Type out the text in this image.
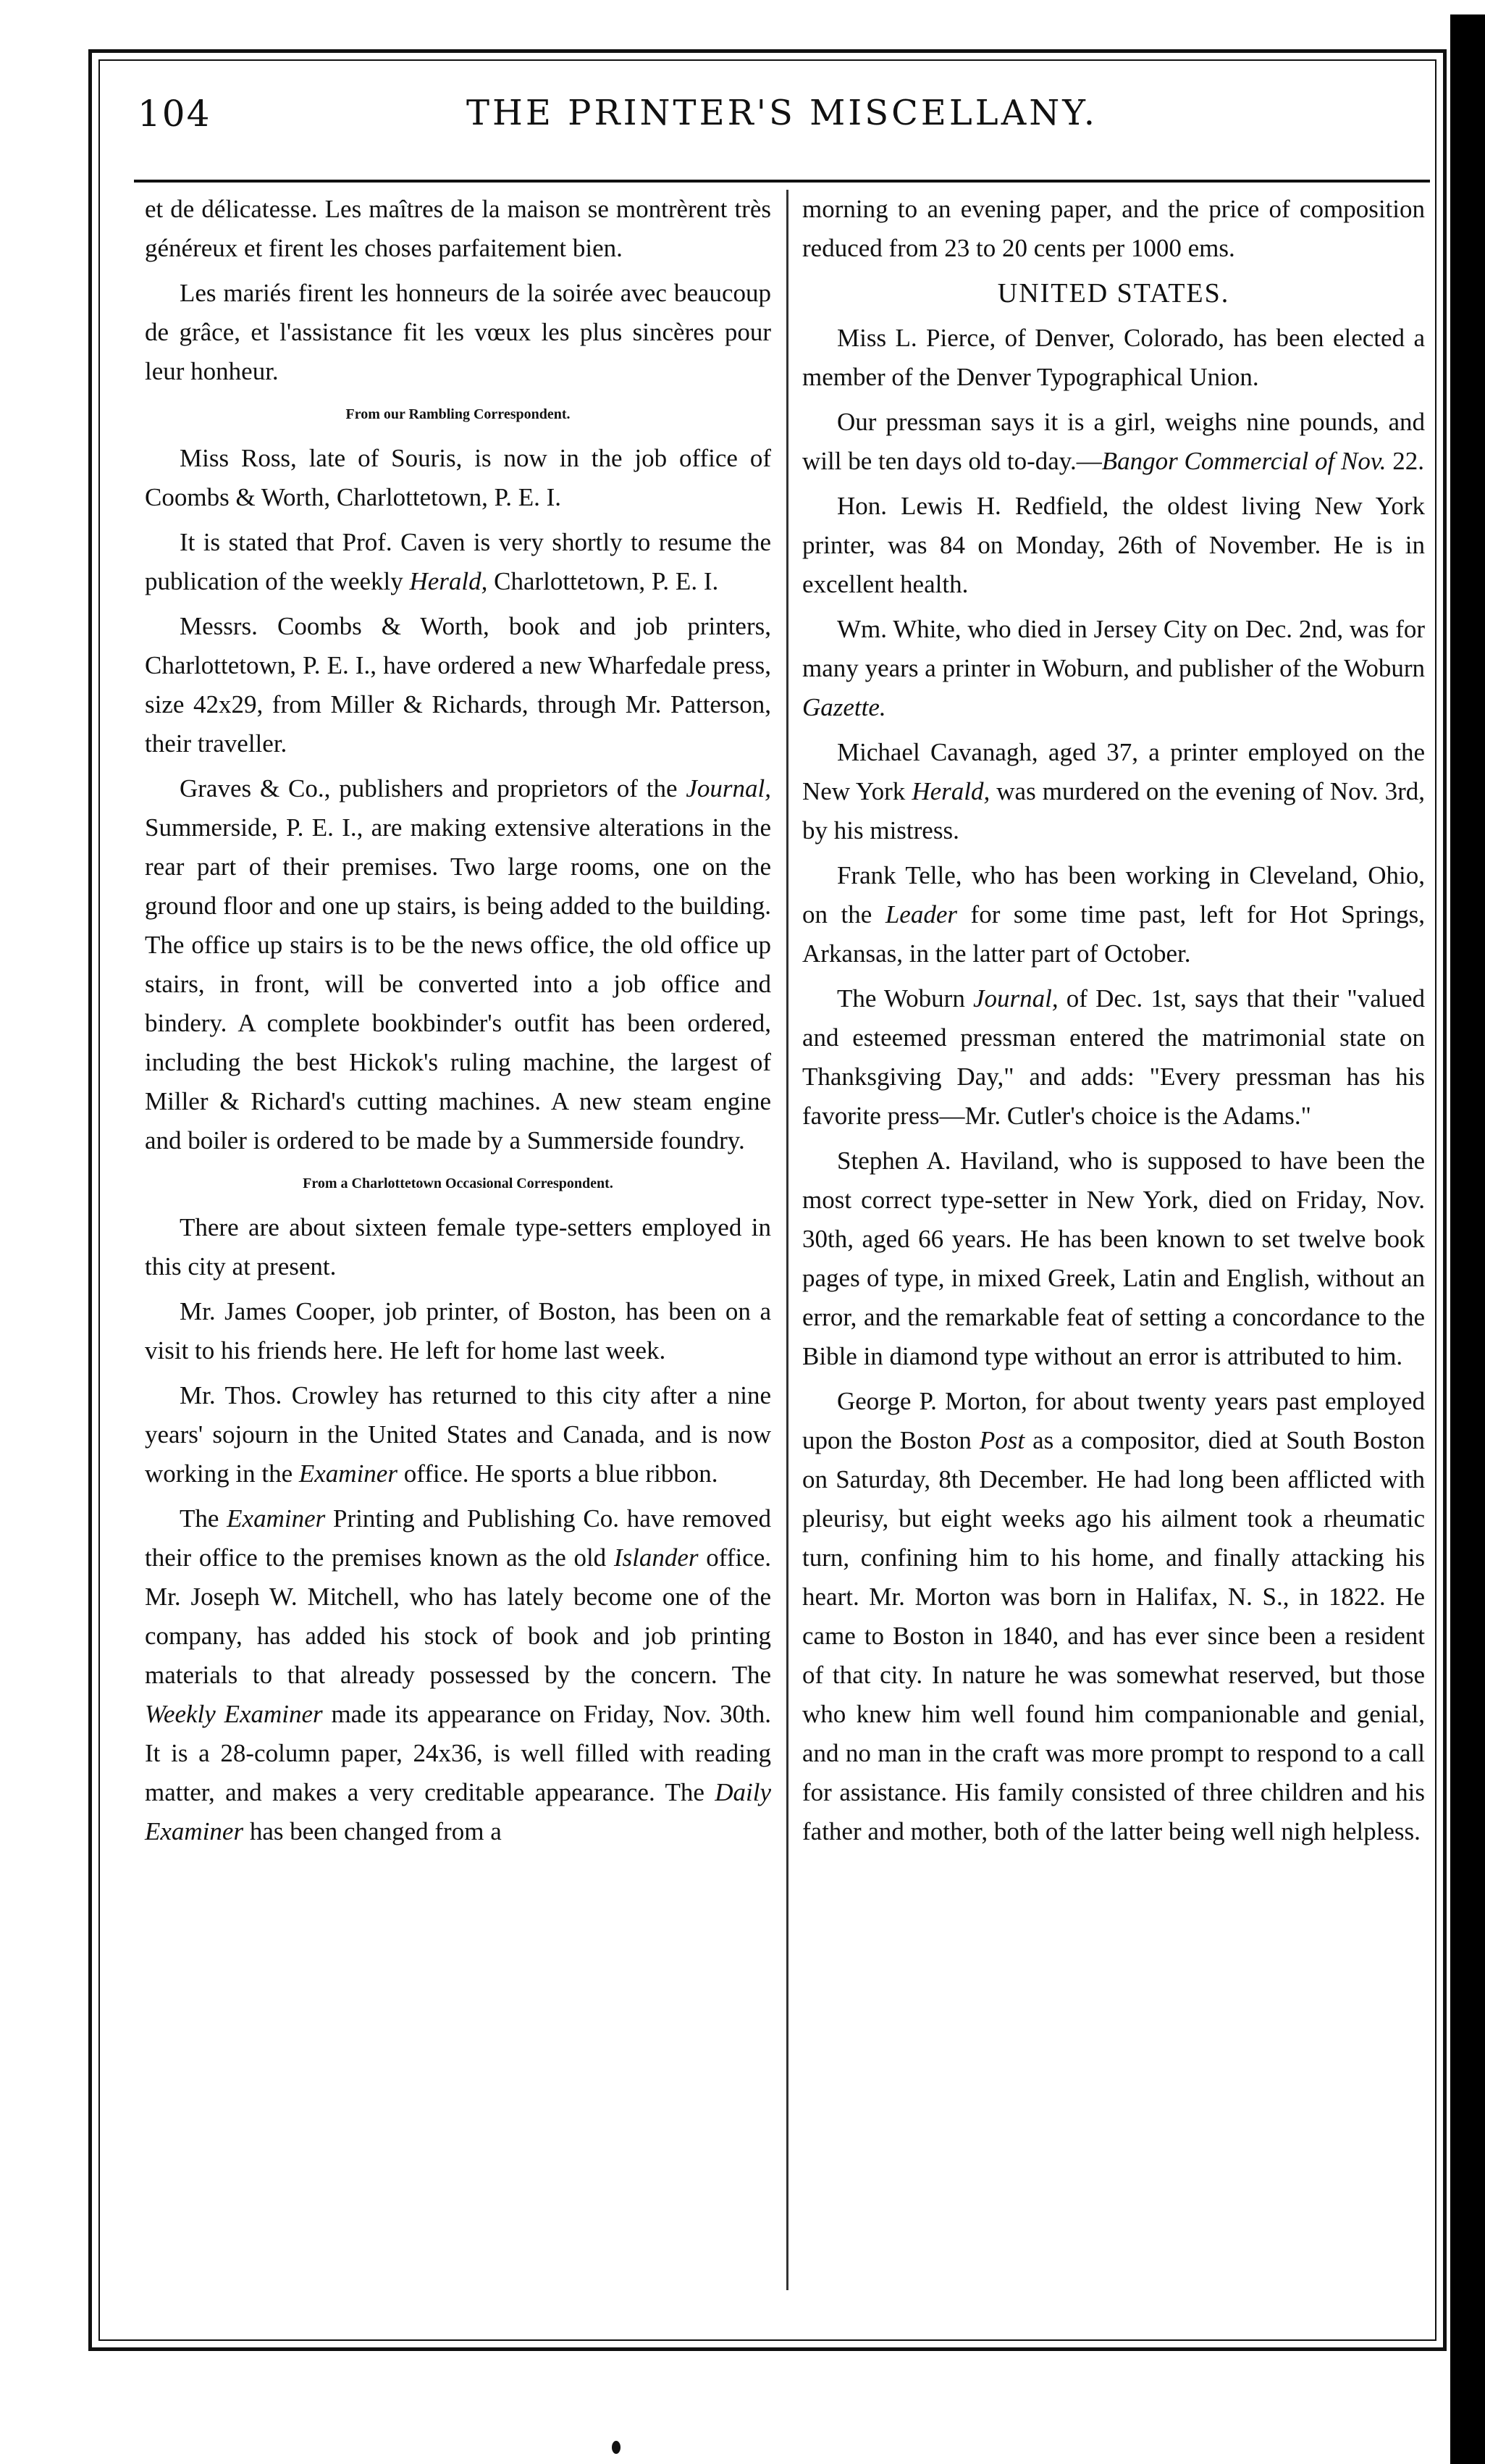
104	THE PRINTER'S MISCELLANY.

et de délicatesse. Les maîtres de la maison se montrèrent très généreux et firent les choses parfaitement bien.

Les mariés firent les honneurs de la soirée avec beaucoup de grâce, et l'assistance fit les vœux les plus sincères pour leur honheur.

From our Rambling Correspondent.

Miss Ross, late of Souris, is now in the job office of Coombs & Worth, Charlottetown, P. E. I.

It is stated that Prof. Caven is very shortly to resume the publication of the weekly Herald, Charlottetown, P. E. I.

Messrs. Coombs & Worth, book and job printers, Charlottetown, P. E. I., have ordered a new Wharfedale press, size 42x29, from Miller & Richards, through Mr. Patterson, their traveller.

Graves & Co., publishers and proprietors of the Journal, Summerside, P. E. I., are making extensive alterations in the rear part of their premises. Two large rooms, one on the ground floor and one up stairs, is being added to the building. The office up stairs is to be the news office, the old office up stairs, in front, will be converted into a job office and bindery. A complete bookbinder's outfit has been ordered, including the best Hickok's ruling machine, the largest of Miller & Richard's cutting machines. A new steam engine and boiler is ordered to be made by a Summerside foundry.

From a Charlottetown Occasional Correspondent.

There are about sixteen female type-setters employed in this city at present.

Mr. James Cooper, job printer, of Boston, has been on a visit to his friends here. He left for home last week.

Mr. Thos. Crowley has returned to this city after a nine years' sojourn in the United States and Canada, and is now working in the Examiner office. He sports a blue ribbon.

The Examiner Printing and Publishing Co. have removed their office to the premises known as the old Islander office. Mr. Joseph W. Mitchell, who has lately become one of the company, has added his stock of book and job printing materials to that already possessed by the concern. The Weekly Examiner made its appearance on Friday, Nov. 30th. It is a 28-column paper, 24x36, is well filled with reading matter, and makes a very creditable appearance. The Daily Examiner has been changed from a

morning to an evening paper, and the price of composition reduced from 23 to 20 cents per 1000 ems.

UNITED STATES.

Miss L. Pierce, of Denver, Colorado, has been elected a member of the Denver Typographical Union.

Our pressman says it is a girl, weighs nine pounds, and will be ten days old to-day.—Bangor Commercial of Nov. 22.

Hon. Lewis H. Redfield, the oldest living New York printer, was 84 on Monday, 26th of November. He is in excellent health.

Wm. White, who died in Jersey City on Dec. 2nd, was for many years a printer in Woburn, and publisher of the Woburn Gazette.

Michael Cavanagh, aged 37, a printer employed on the New York Herald, was murdered on the evening of Nov. 3rd, by his mistress.

Frank Telle, who has been working in Cleveland, Ohio, on the Leader for some time past, left for Hot Springs, Arkansas, in the latter part of October.

The Woburn Journal, of Dec. 1st, says that their "valued and esteemed pressman entered the matrimonial state on Thanksgiving Day," and adds: "Every pressman has his favorite press—Mr. Cutler's choice is the Adams."

Stephen A. Haviland, who is supposed to have been the most correct type-setter in New York, died on Friday, Nov. 30th, aged 66 years. He has been known to set twelve book pages of type, in mixed Greek, Latin and English, without an error, and the remarkable feat of setting a concordance to the Bible in diamond type without an error is attributed to him.

George P. Morton, for about twenty years past employed upon the Boston Post as a compositor, died at South Boston on Saturday, 8th December. He had long been afflicted with pleurisy, but eight weeks ago his ailment took a rheumatic turn, confining him to his home, and finally attacking his heart. Mr. Morton was born in Halifax, N. S., in 1822. He came to Boston in 1840, and has ever since been a resident of that city. In nature he was somewhat reserved, but those who knew him well found him companionable and genial, and no man in the craft was more prompt to respond to a call for assistance. His family consisted of three children and his father and mother, both of the latter being well nigh helpless.
